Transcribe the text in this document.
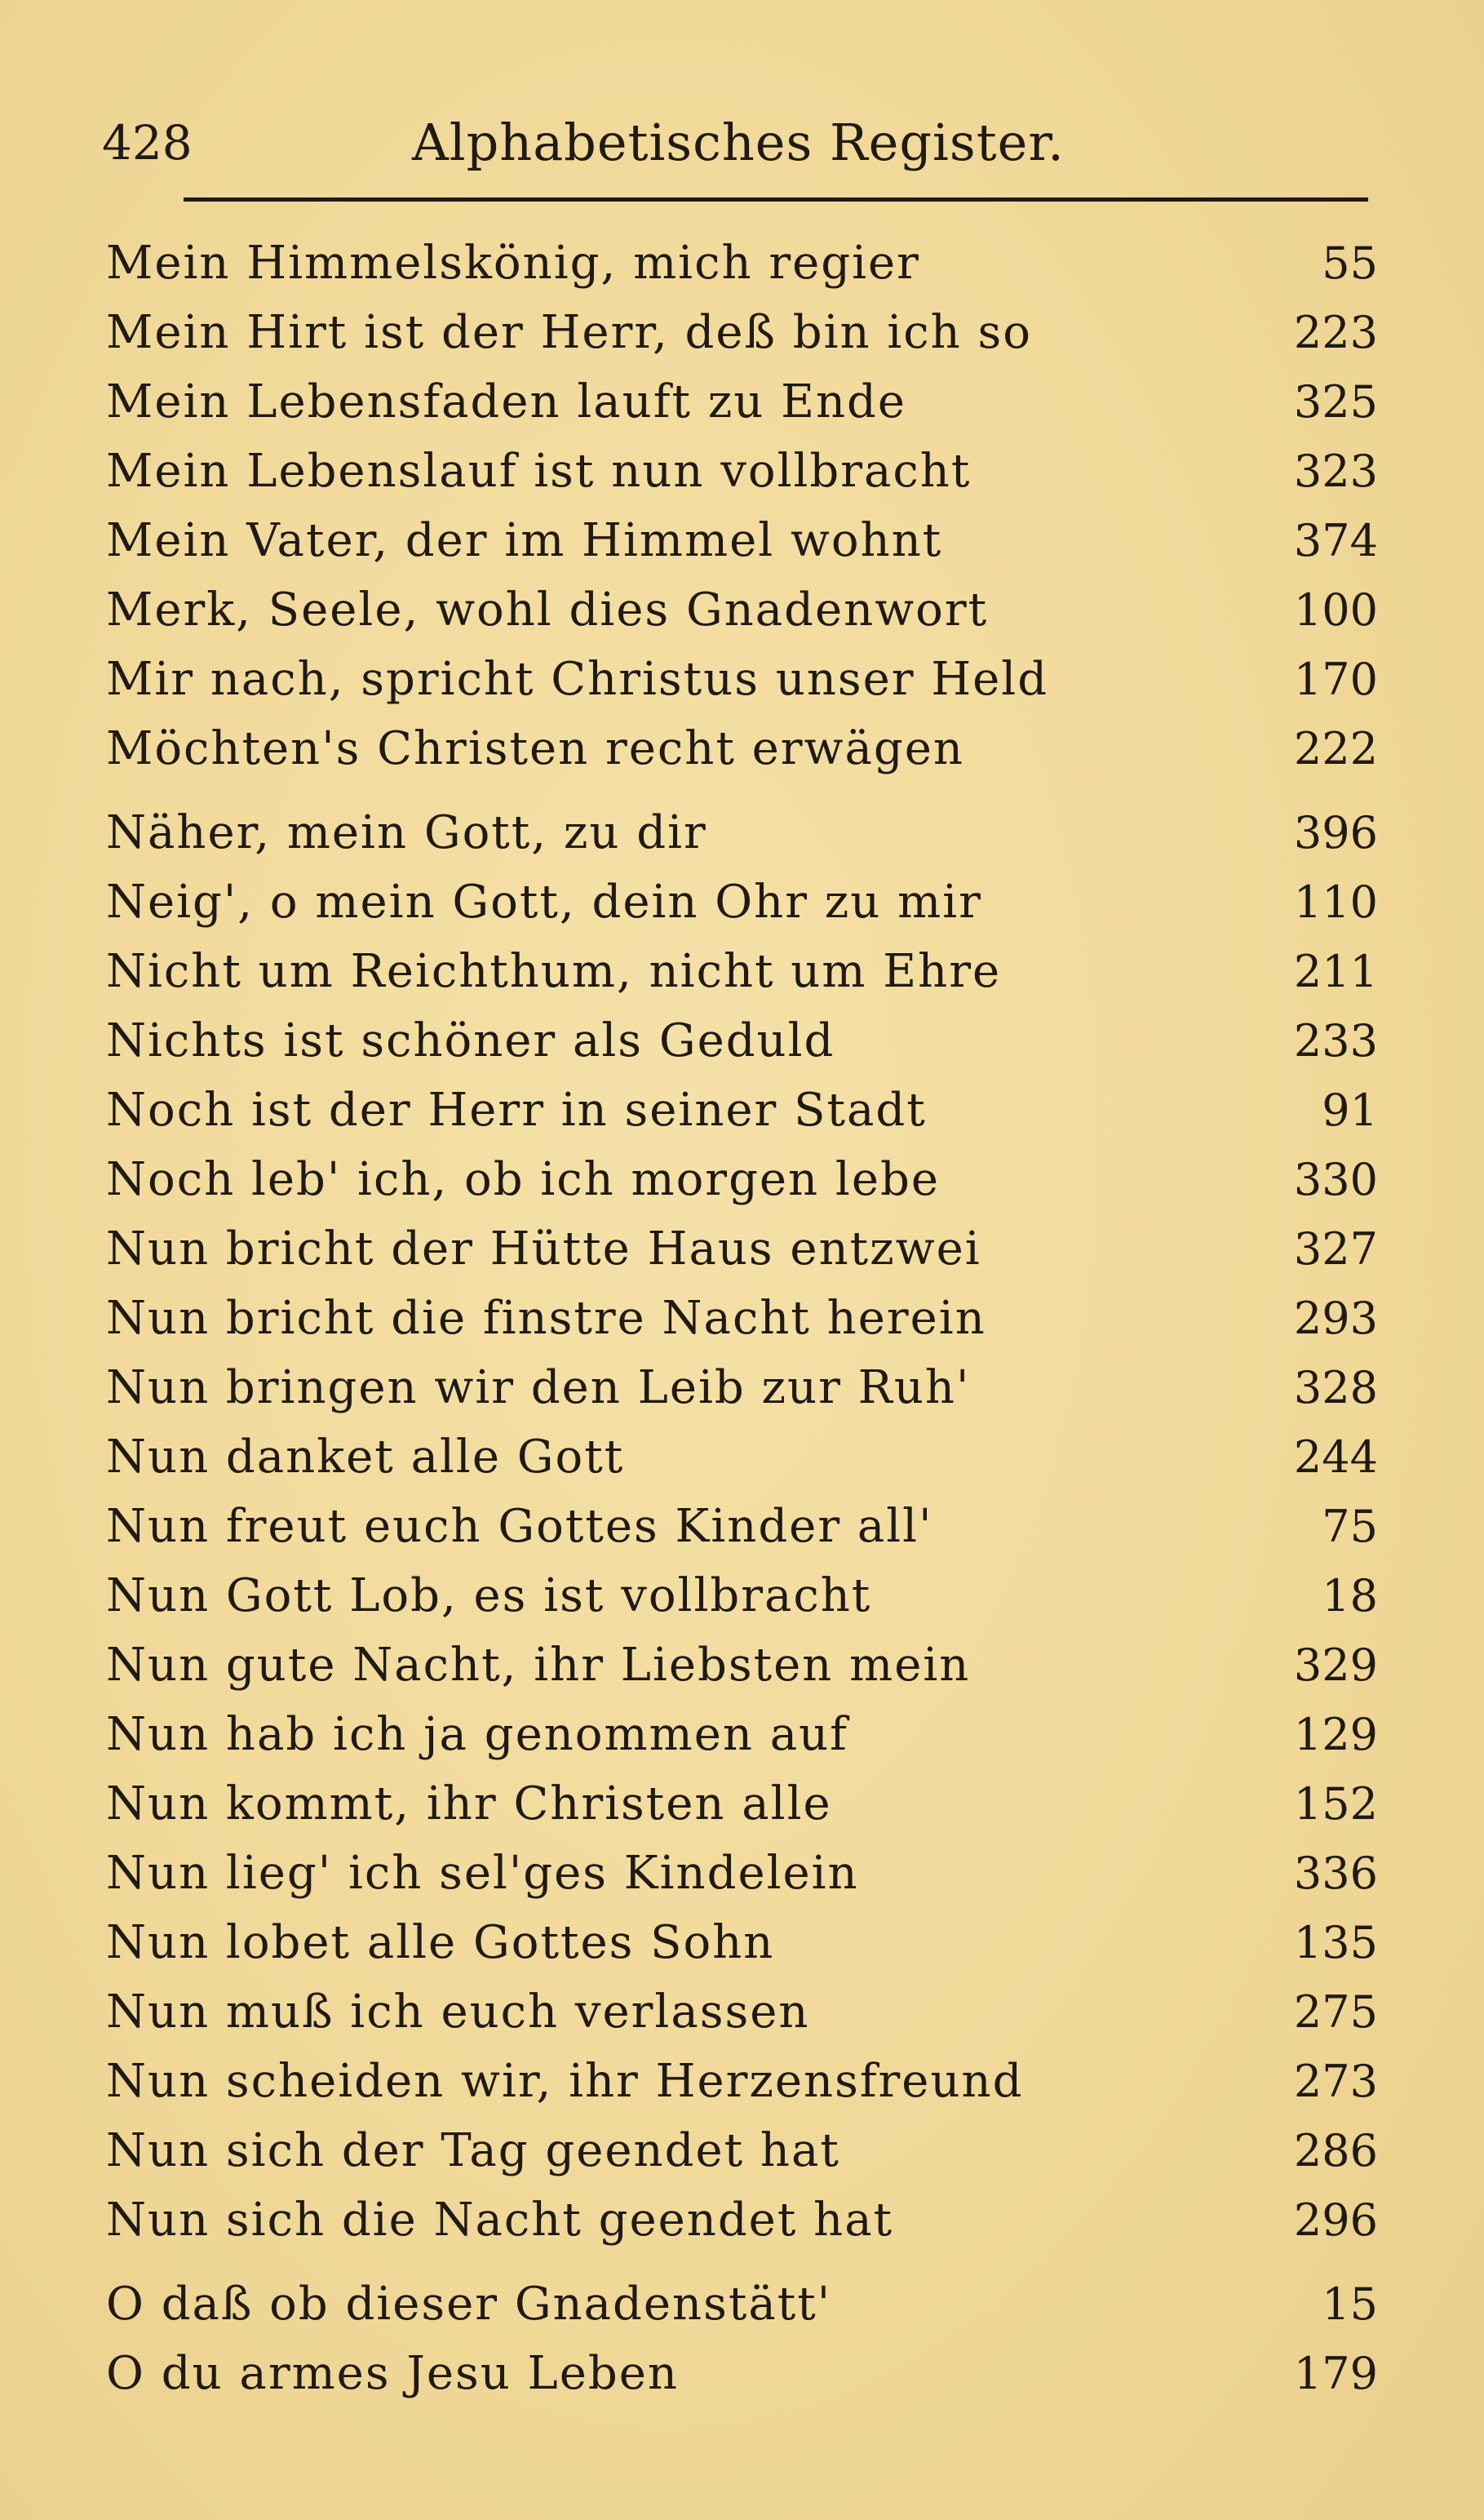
428	Alphabetisches Register.
Mein Himmelskönig, mich regier	55
Mein Hirt ist der Herr, deß bin ich so	223
Mein Lebensfaden lauft zu Ende	325
Mein Lebenslauf ist nun vollbracht	323
Mein Vater, der im Himmel wohnt	374
Merk, Seele, wohl dies Gnadenwort	100
Mir nach, spricht Christus unser Held	170
Möchten's Christen recht erwägen	222
Näher, mein Gott, zu dir	396
Neig', o mein Gott, dein Ohr zu mir	110
Nicht um Reichthum, nicht um Ehre	211
Nichts ist schöner als Geduld	233
Noch ist der Herr in seiner Stadt	91
Noch leb' ich, ob ich morgen lebe	330
Nun bricht der Hütte Haus entzwei	327
Nun bricht die finstre Nacht herein	293
Nun bringen wir den Leib zur Ruh'	328
Nun danket alle Gott	244
Nun freut euch Gottes Kinder all'	75
Nun Gott Lob, es ist vollbracht	18
Nun gute Nacht, ihr Liebsten mein	329
Nun hab ich ja genommen auf	129
Nun kommt, ihr Christen alle	152
Nun lieg' ich sel'ges Kindelein	336
Nun lobet alle Gottes Sohn	135
Nun muß ich euch verlassen	275
Nun scheiden wir, ihr Herzensfreund	273
Nun sich der Tag geendet hat	286
Nun sich die Nacht geendet hat	296
O daß ob dieser Gnadenstätt'	15
O du armes Jesu Leben	179
